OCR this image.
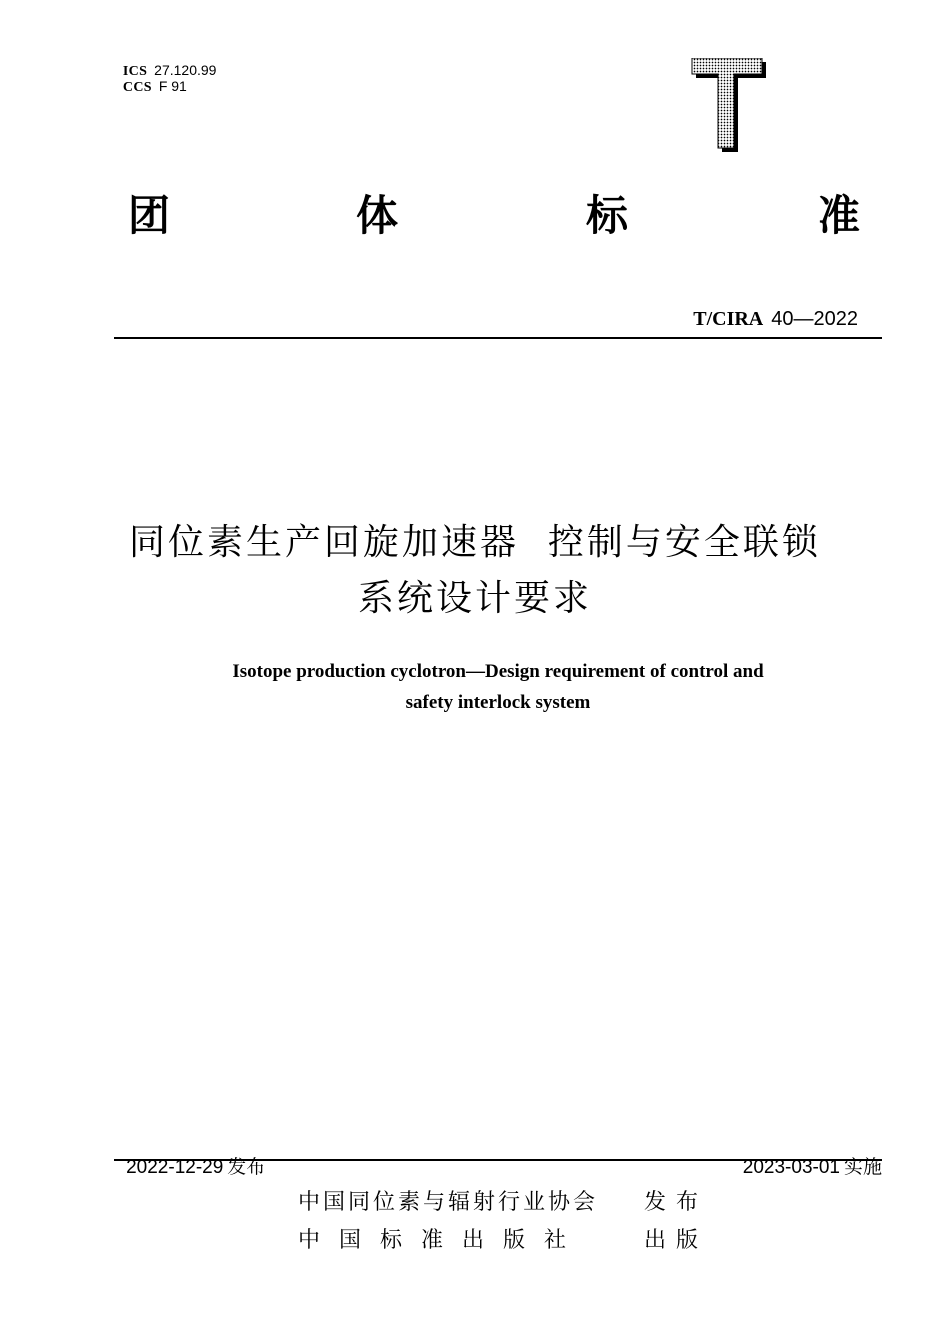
ICS 27.120.99

CCS F 91

团	体	标	准

T/CIRA 40—2022

同位素生产回旋加速器  控制与安全联锁
系统设计要求
Isotope production cyclotron—Design requirement of control and
safety interlock system

2022-12-29 发布	2023-03-01 实施

中国同位素与辐射行业协会 发布
中国标准出版社	出版
